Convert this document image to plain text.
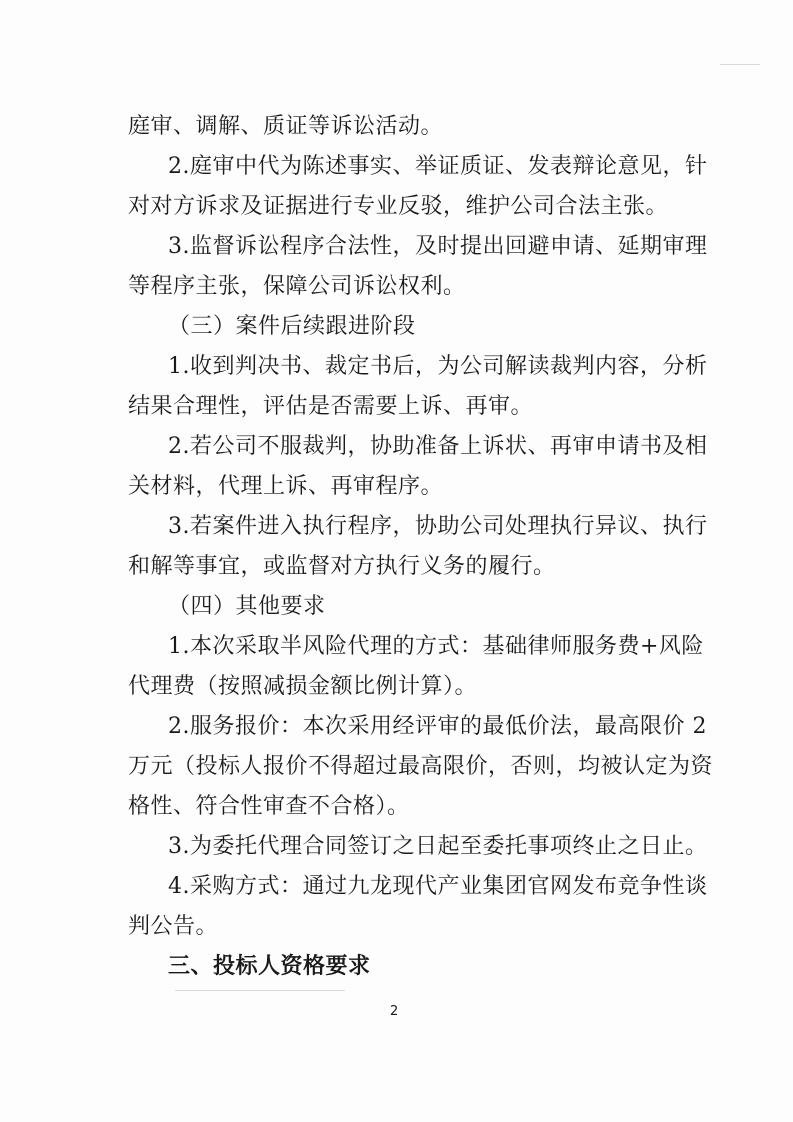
庭审、调解、质证等诉讼活动。
2.庭审中代为陈述事实、举证质证、发表辩论意见，针
对对方诉求及证据进行专业反驳，维护公司合法主张。
3.监督诉讼程序合法性，及时提出回避申请、延期审理
等程序主张，保障公司诉讼权利。
（三）案件后续跟进阶段
1.收到判决书、裁定书后，为公司解读裁判内容，分析
结果合理性，评估是否需要上诉、再审。
2.若公司不服裁判，协助准备上诉状、再审申请书及相
关材料，代理上诉、再审程序。
3.若案件进入执行程序，协助公司处理执行异议、执行
和解等事宜，或监督对方执行义务的履行。
（四）其他要求
1.本次采取半风险代理的方式：基础律师服务费+风险
代理费（按照减损金额比例计算）。
2.服务报价：本次采用经评审的最低价法，最高限价 2
万元（投标人报价不得超过最高限价，否则，均被认定为资
格性、符合性审查不合格）。
3.为委托代理合同签订之日起至委托事项终止之日止。
4.采购方式：通过九龙现代产业集团官网发布竞争性谈
判公告。
三、投标人资格要求
2
